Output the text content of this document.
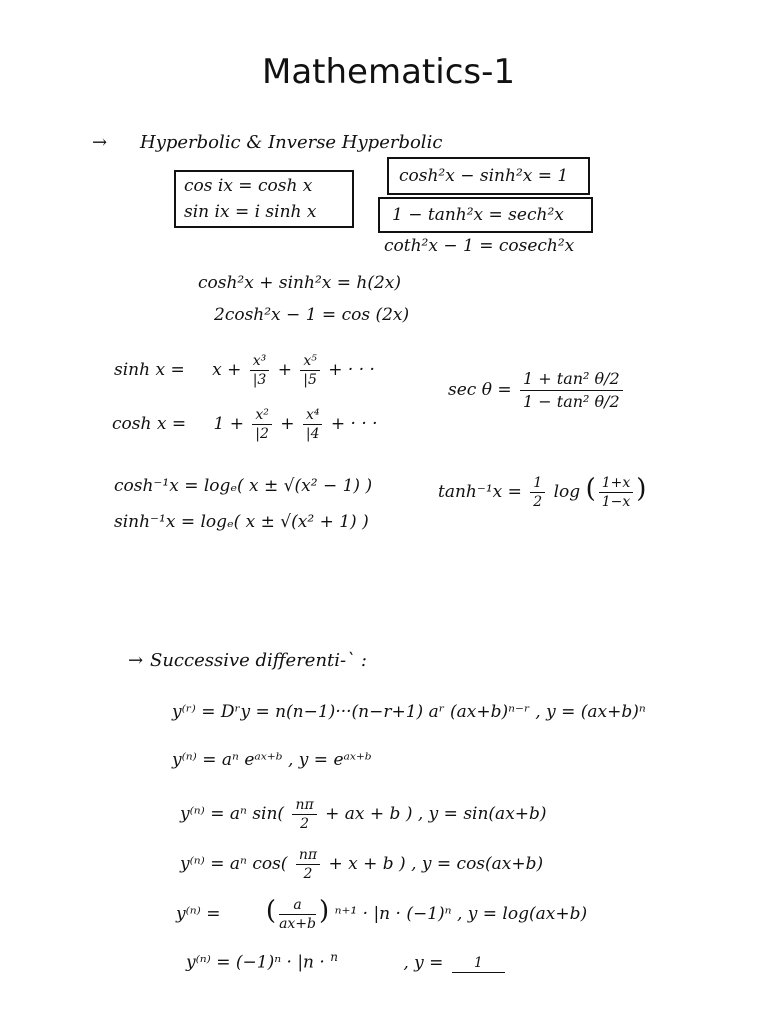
Mathematics-1
→ Hyperbolic & Inverse Hyperbolic
cos ix = cosh x
sin ix = i sinh x
cosh²x − sinh²x = 1
1 − tanh²x = sech²x
coth²x − 1 = cosech²x
cosh²x + sinh²x = h(2x)
2cosh²x − 1 = cos (2x)
$\sinh x = x + \frac{\text{x³}}{|3} + \frac{\text{x⁵}}{|5}$ + · · ·
$\sec \theta = \frac{\text{1 + tan² θ/2}}{\text{1 − tan² θ/2}}$
$\cosh x = 1 + \frac{\text{x²}}{|2} + \frac{\text{x⁴}}{|4}$ + · · ·
cosh⁻¹x = logₑ( x ± √(x² − 1) )
sinh⁻¹x = logₑ( x ± √(x² + 1) )
$\tanh^{-1}x = \frac{1}{2}$ log ( $\frac{1+x}{1-x}$ )
→ Successive differenti-` :
y⁽ʳ⁾ = Dʳy = n(n−1)···(n−r+1) aʳ (ax+b)ⁿ⁻ʳ , y = (ax+b)ⁿ
y⁽ⁿ⁾ = aⁿ eᵃˣ⁺ᵇ , y = eᵃˣ⁺ᵇ
y⁽ⁿ⁾ = aⁿ $\sin( \frac{n\pi}{2}$ + ax + b ) , y = sin(ax+b)
y⁽ⁿ⁾ = aⁿ $\cos( \frac{n\pi}{2} + x + b$ ) , y = cos(ax+b)
y⁽ⁿ⁾ = ( $\frac{a}{ax+b}$ ) ⁿ⁺¹ · |n · (−1)ⁿ , y = log(ax+b)
y⁽ⁿ⁾ = (−1)ⁿ · |n · $^n$	, y =	1
